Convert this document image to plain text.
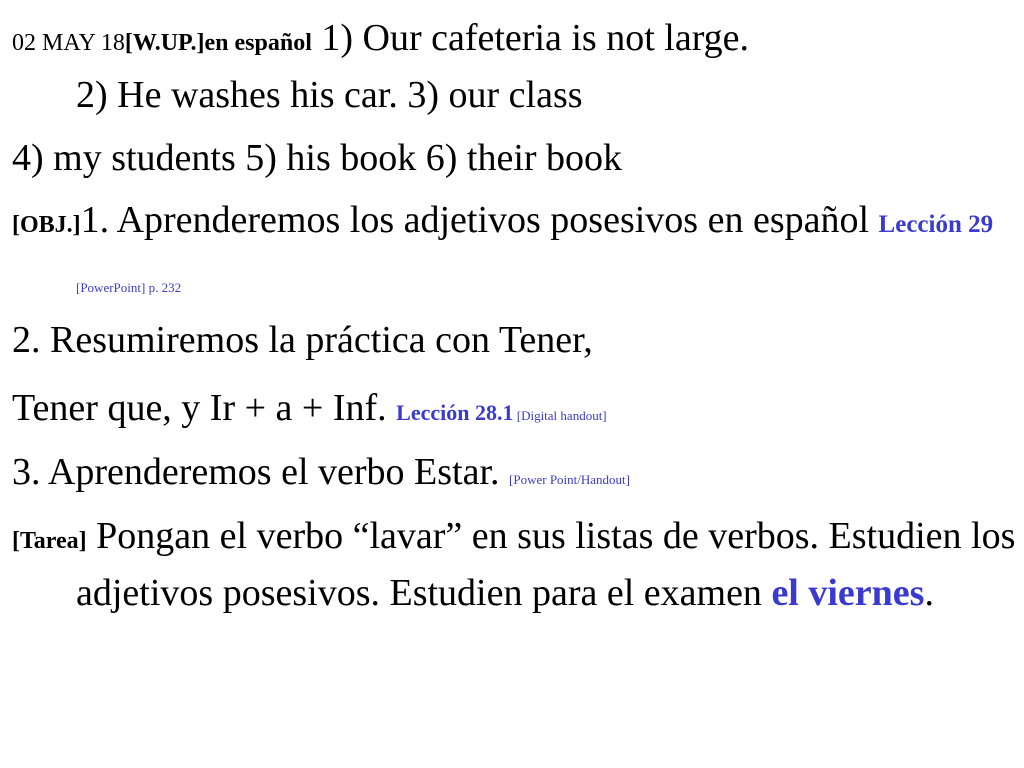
02 MAY 18[W.UP.]en español 1) Our cafeteria is not large.
2) He washes his car. 3) our class
4) my students 5) his book 6) their book
[OBJ.]1. Aprenderemos los adjetivos posesivos en español Lección 29 [PowerPoint] p. 232
2. Resumiremos la práctica con Tener,
Tener que, y Ir + a + Inf. Lección 28.1 [Digital handout]
3. Aprenderemos el verbo Estar. [Power Point/Handout]
[Tarea] Pongan el verbo “lavar” en sus listas de verbos. Estudien los adjetivos posesivos. Estudien para el examen el viernes.
